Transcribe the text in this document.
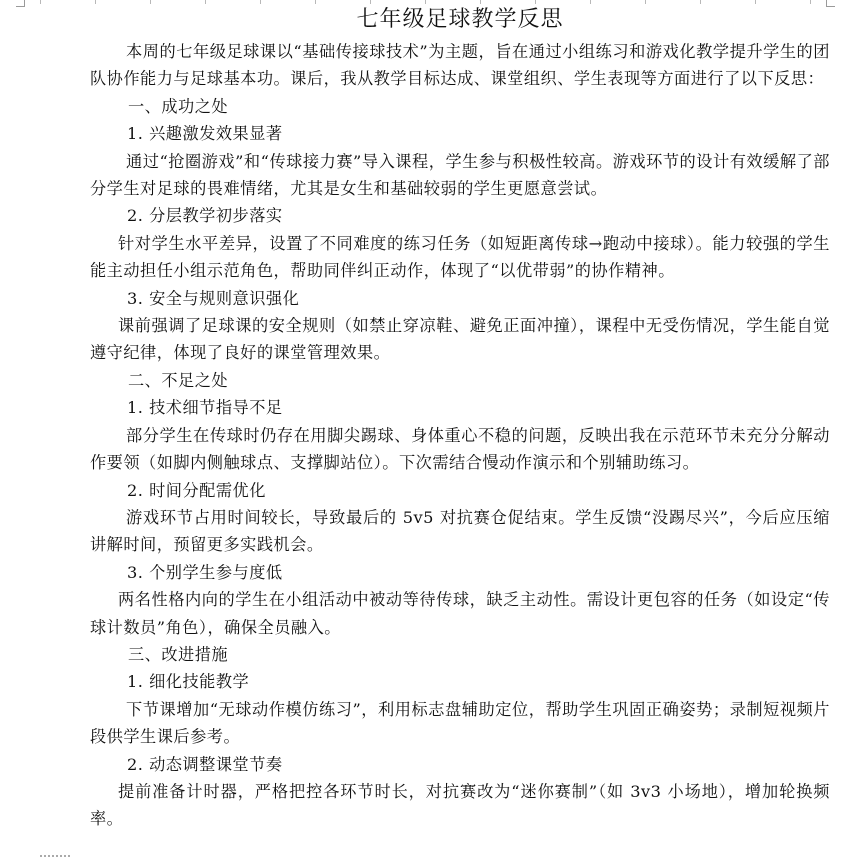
七年级足球教学反思

本周的七年级足球课以“基础传接球技术”为主题，旨在通过小组练习和游戏化教学提升学生的团队协作能力与足球基本功。课后，我从教学目标达成、课堂组织、学生表现等方面进行了以下反思：

一、成功之处

1. 兴趣激发效果显著

通过“抢圈游戏”和“传球接力赛”导入课程，学生参与积极性较高。游戏环节的设计有效缓解了部分学生对足球的畏难情绪，尤其是女生和基础较弱的学生更愿意尝试。

2. 分层教学初步落实

针对学生水平差异，设置了不同难度的练习任务（如短距离传球→跑动中接球）。能力较强的学生能主动担任小组示范角色，帮助同伴纠正动作，体现了“以优带弱”的协作精神。

3. 安全与规则意识强化

课前强调了足球课的安全规则（如禁止穿凉鞋、避免正面冲撞），课程中无受伤情况，学生能自觉遵守纪律，体现了良好的课堂管理效果。

二、不足之处

1. 技术细节指导不足

部分学生在传球时仍存在用脚尖踢球、身体重心不稳的问题，反映出我在示范环节未充分分解动作要领（如脚内侧触球点、支撑脚站位）。下次需结合慢动作演示和个别辅助练习。

2. 时间分配需优化

游戏环节占用时间较长，导致最后的 5v5 对抗赛仓促结束。学生反馈“没踢尽兴”，今后应压缩讲解时间，预留更多实践机会。

3. 个别学生参与度低

两名性格内向的学生在小组活动中被动等待传球，缺乏主动性。需设计更包容的任务（如设定“传球计数员”角色），确保全员融入。

三、改进措施

1. 细化技能教学

下节课增加“无球动作模仿练习”，利用标志盘辅助定位，帮助学生巩固正确姿势；录制短视频片段供学生课后参考。

2. 动态调整课堂节奏

提前准备计时器，严格把控各环节时长，对抗赛改为“迷你赛制”（如 3v3 小场地），增加轮换频率。
